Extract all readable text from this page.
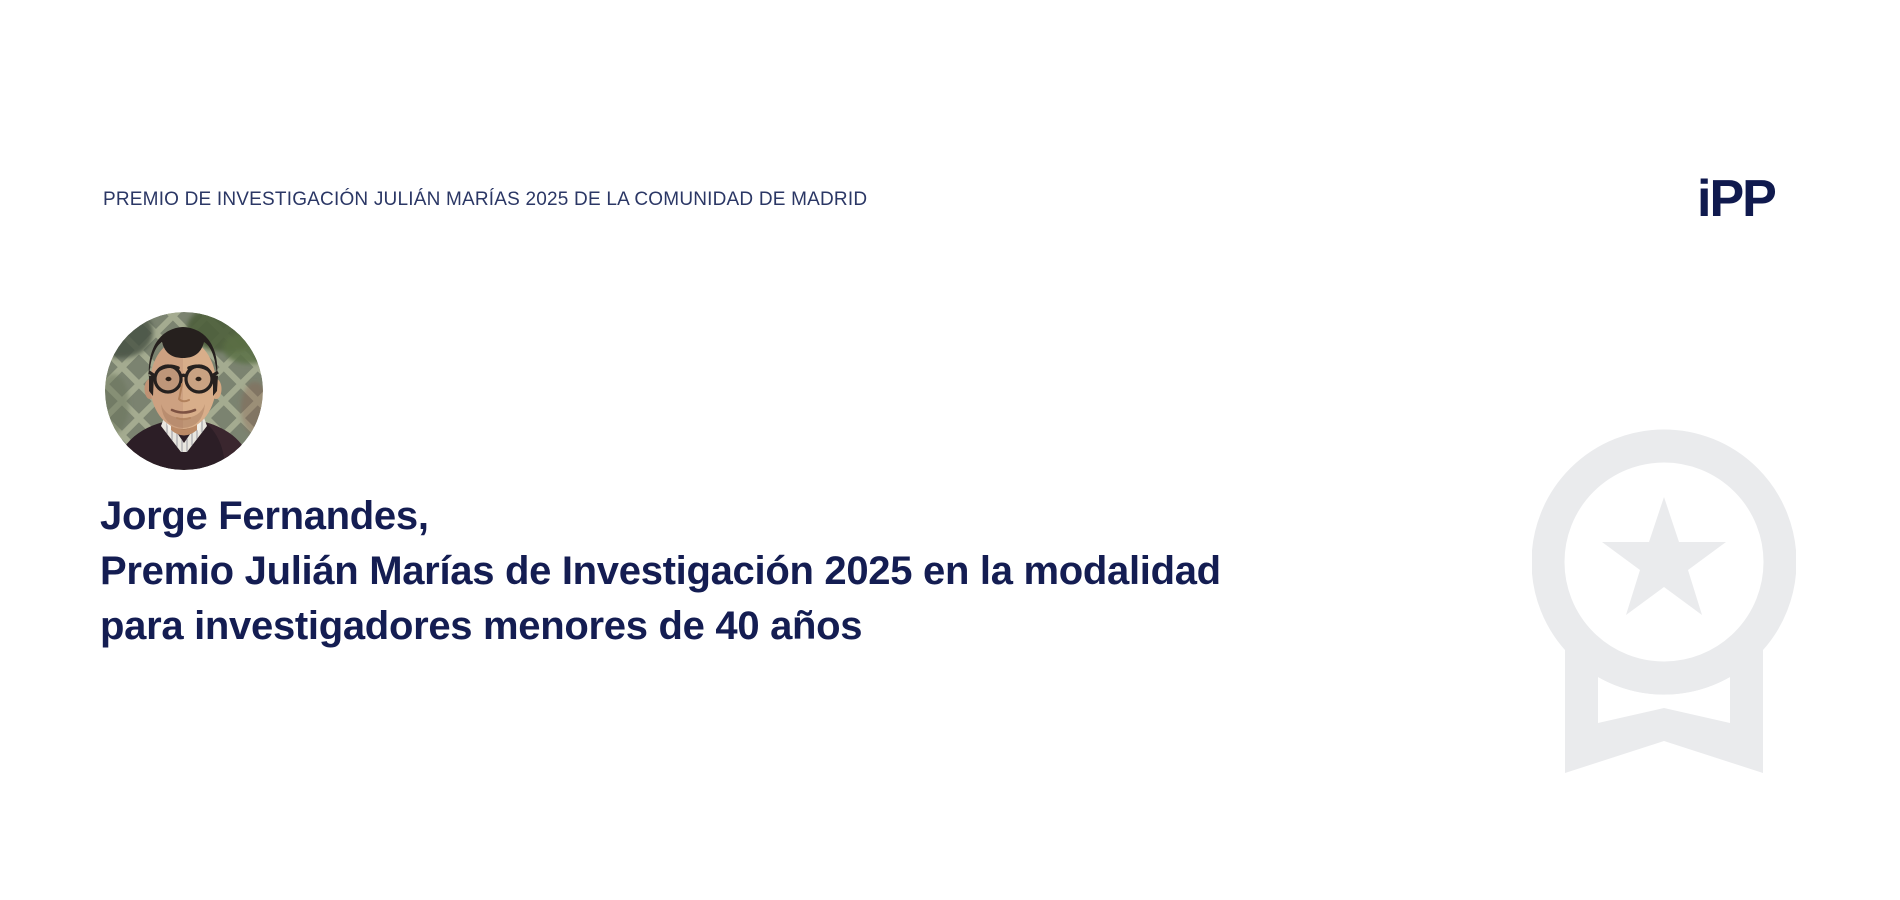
PREMIO DE INVESTIGACIÓN JULIÁN MARÍAS 2025 DE LA COMUNIDAD DE MADRID	iPP
Jorge Fernandes,
Premio Julián Marías de Investigación 2025 en la modalidad
para investigadores menores de 40 años
